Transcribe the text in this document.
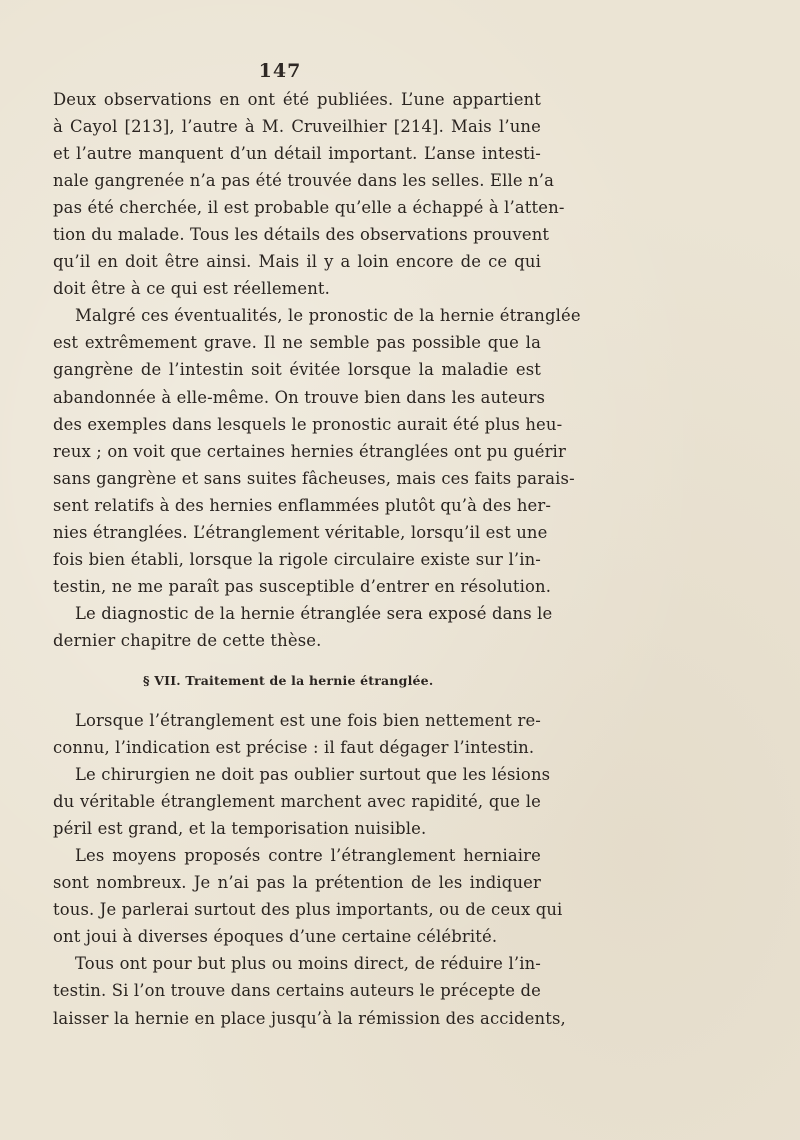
147
Deux observations en ont été publiées. L’une appartient
à Cayol [213], l’autre à M. Cruveilhier [214]. Mais l’une
et l’autre manquent d’un détail important. L’anse intesti-
nale gangrenée n’a pas été trouvée dans les selles. Elle n’a
pas été cherchée, il est probable qu’elle a échappé à l’atten-
tion du malade. Tous les détails des observations prouvent
qu’il en doit être ainsi. Mais il y a loin encore de ce qui
doit être à ce qui est réellement.
Malgré ces éventualités, le pronostic de la hernie étranglée
est extrêmement grave. Il ne semble pas possible que la
gangrène de l’intestin soit évitée lorsque la maladie est
abandonnée à elle-même. On trouve bien dans les auteurs
des exemples dans lesquels le pronostic aurait été plus heu-
reux ; on voit que certaines hernies étranglées ont pu guérir
sans gangrène et sans suites fâcheuses, mais ces faits parais-
sent relatifs à des hernies enflammées plutôt qu’à des her-
nies étranglées. L’étranglement véritable, lorsqu’il est une
fois bien établi, lorsque la rigole circulaire existe sur l’in-
testin, ne me paraît pas susceptible d’entrer en résolution.
Le diagnostic de la hernie étranglée sera exposé dans le
dernier chapitre de cette thèse.
§ VII. Traitement de la hernie étranglée.
Lorsque l’étranglement est une fois bien nettement re-
connu, l’indication est précise : il faut dégager l’intestin.
Le chirurgien ne doit pas oublier surtout que les lésions
du véritable étranglement marchent avec rapidité, que le
péril est grand, et la temporisation nuisible.
Les moyens proposés contre l’étranglement herniaire
sont nombreux. Je n’ai pas la prétention de les indiquer
tous. Je parlerai surtout des plus importants, ou de ceux qui
ont joui à diverses époques d’une certaine célébrité.
Tous ont pour but plus ou moins direct, de réduire l’in-
testin. Si l’on trouve dans certains auteurs le précepte de
laisser la hernie en place jusqu’à la rémission des accidents,
